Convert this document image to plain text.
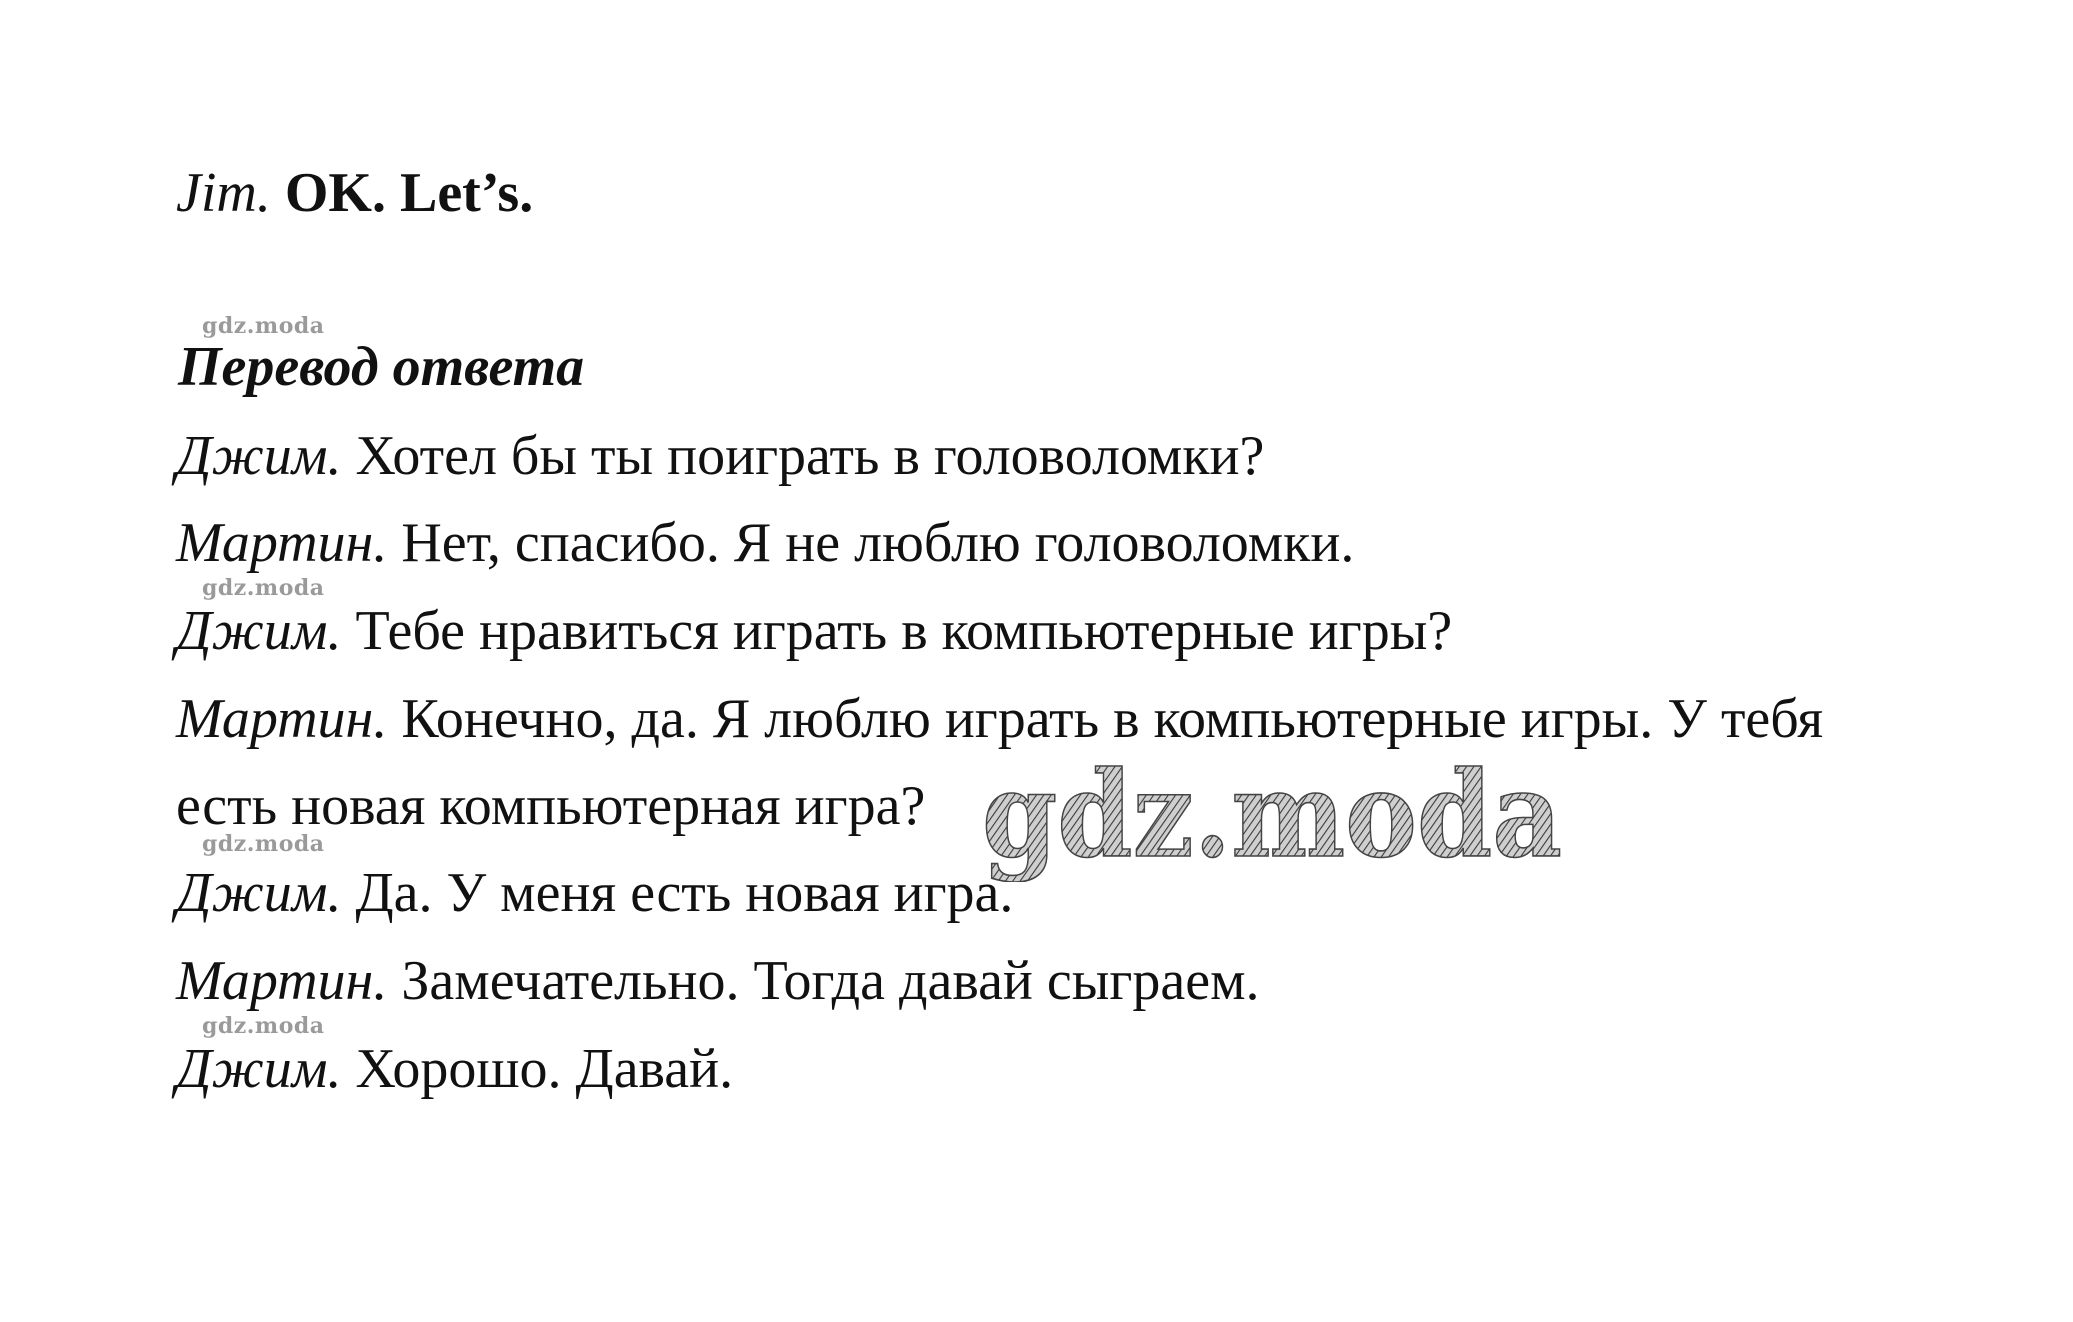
Jim. OK. Let’s.
gdz.moda
Перевод ответа
Джим. Хотел бы ты поиграть в головоломки?
Мартин. Нет, спасибо. Я не люблю головоломки.
gdz.moda
Джим. Тебе нравиться играть в компьютерные игры?
Мартин. Конечно, да. Я люблю играть в компьютерные игры. У тебя
есть новая компьютерная игра?
gdz.moda
Джим. Да. У меня есть новая игра.
Мартин. Замечательно. Тогда давай сыграем.
gdz.moda
Джим. Хорошо. Давай.
gdz.moda
